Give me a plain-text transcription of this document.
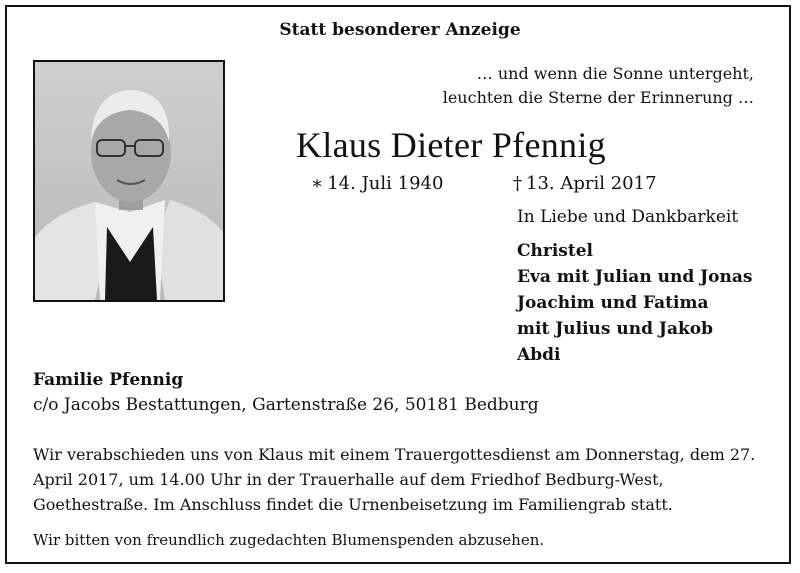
Statt besonderer Anzeige
… und wenn die Sonne untergeht,
leuchten die Sterne der Erinnerung …
Klaus Dieter Pfennig
∗ 14. Juli 1940	† 13. April 2017
In Liebe und Dankbarkeit
Christel
Eva mit Julian und Jonas
Joachim und Fatima
mit Julius und Jakob
Abdi
Familie Pfennig
c/o Jacobs Bestattungen, Gartenstraße 26, 50181 Bedburg

Wir verabschieden uns von Klaus mit einem Trauergottesdienst am Donnerstag, dem 27. April 2017, um 14.00 Uhr in der Trauerhalle auf dem Friedhof Bedburg-West, Goethestraße. Im Anschluss findet die Urnenbeisetzung im Familiengrab statt.

Wir bitten von freundlich zugedachten Blumenspenden abzusehen.
